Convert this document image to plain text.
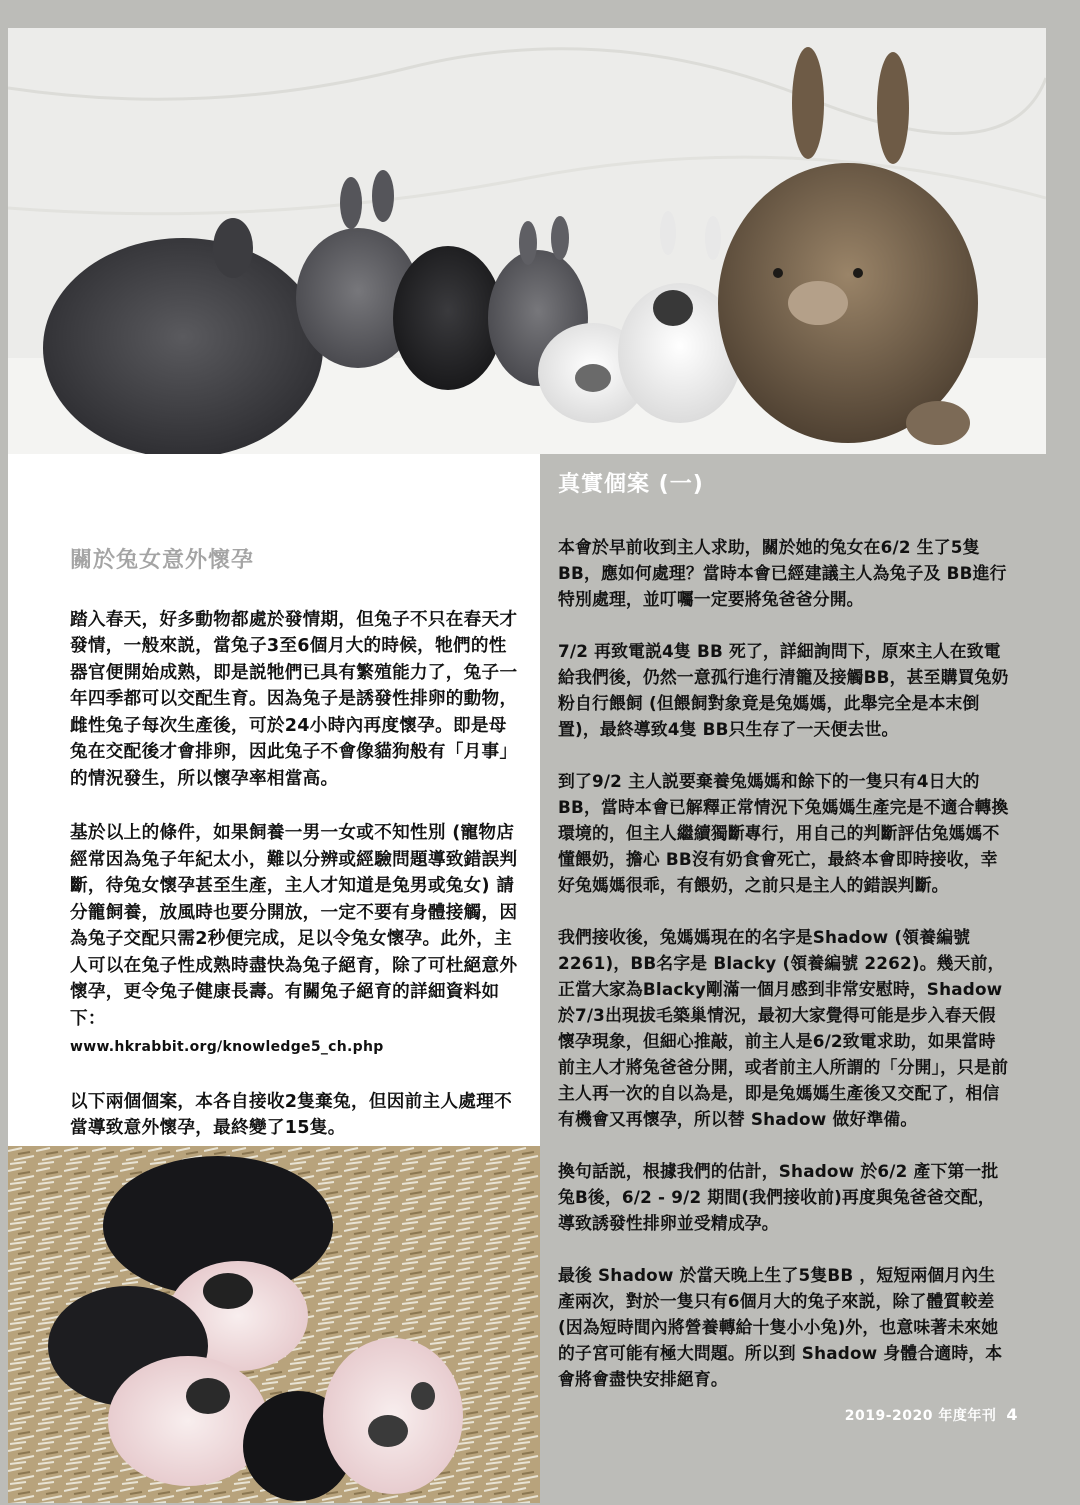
關於兔女意外懷孕

踏入春天，好多動物都處於發情期，但兔子不只在春天才發情，一般來説，當兔子3至6個月大的時候，牠們的性器官便開始成熟，即是説牠們已具有繁殖能力了，兔子一年四季都可以交配生育。因為兔子是誘發性排卵的動物，雌性兔子每次生產後，可於24小時內再度懷孕。即是母兔在交配後才會排卵，因此兔子不會像貓狗般有「月事」的情況發生，所以懷孕率相當高。

基於以上的條件，如果飼養一男一女或不知性別 (寵物店經常因為兔子年紀太小，難以分辨或經驗問題導致錯誤判斷，待兔女懷孕甚至生產，主人才知道是兔男或兔女) 請分籠飼養，放風時也要分開放，一定不要有身體接觸，因為兔子交配只需2秒便完成，足以令兔女懷孕。此外，主人可以在兔子性成熟時盡快為兔子絕育，除了可杜絕意外懷孕，更令兔子健康長壽。有關兔子絕育的詳細資料如下：
www.hkrabbit.org/knowledge5_ch.php

以下兩個個案，本各自接收2隻棄兔，但因前主人處理不當導致意外懷孕，最終變了15隻。

真實個案 (一)

本會於早前收到主人求助，關於她的兔女在6/2 生了5隻 BB，應如何處理？當時本會已經建議主人為兔子及 BB進行特別處理，並叮囑一定要將兔爸爸分開。

7/2 再致電説4隻 BB 死了，詳細詢問下，原來主人在致電給我們後，仍然一意孤行進行清籠及接觸BB，甚至購買兔奶粉自行餵飼 (但餵飼對象竟是兔媽媽，此舉完全是本末倒置)，最終導致4隻 BB只生存了一天便去世。

到了9/2 主人説要棄養兔媽媽和餘下的一隻只有4日大的BB，當時本會已解釋正常情況下兔媽媽生產完是不適合轉換環境的，但主人繼續獨斷專行，用自己的判斷評估兔媽媽不懂餵奶，擔心 BB沒有奶食會死亡，最終本會即時接收，幸好兔媽媽很乖，有餵奶，之前只是主人的錯誤判斷。

我們接收後，兔媽媽現在的名字是Shadow (領養編號 2261)，BB名字是 Blacky (領養編號 2262)。幾天前，正當大家為Blacky剛滿一個月感到非常安慰時，Shadow 於7/3出現拔毛築巢情況，最初大家覺得可能是步入春天假懷孕現象，但細心推敲，前主人是6/2致電求助，如果當時前主人才將兔爸爸分開，或者前主人所謂的「分開」，只是前主人再一次的自以為是，即是兔媽媽生產後又交配了，相信有機會又再懷孕，所以替 Shadow 做好準備。

換句話説，根據我們的估計，Shadow 於6/2 產下第一批兔B後，6/2 - 9/2 期間(我們接收前)再度與兔爸爸交配，導致誘發性排卵並受精成孕。

最後 Shadow 於當天晚上生了5隻BB ，短短兩個月內生產兩次，對於一隻只有6個月大的兔子來説，除了體質較差(因為短時間內將營養轉給十隻小小兔)外，也意味著未來她的子宮可能有極大問題。所以到 Shadow 身體合適時，本會將會盡快安排絕育。

2019-2020 年度年刊 4
